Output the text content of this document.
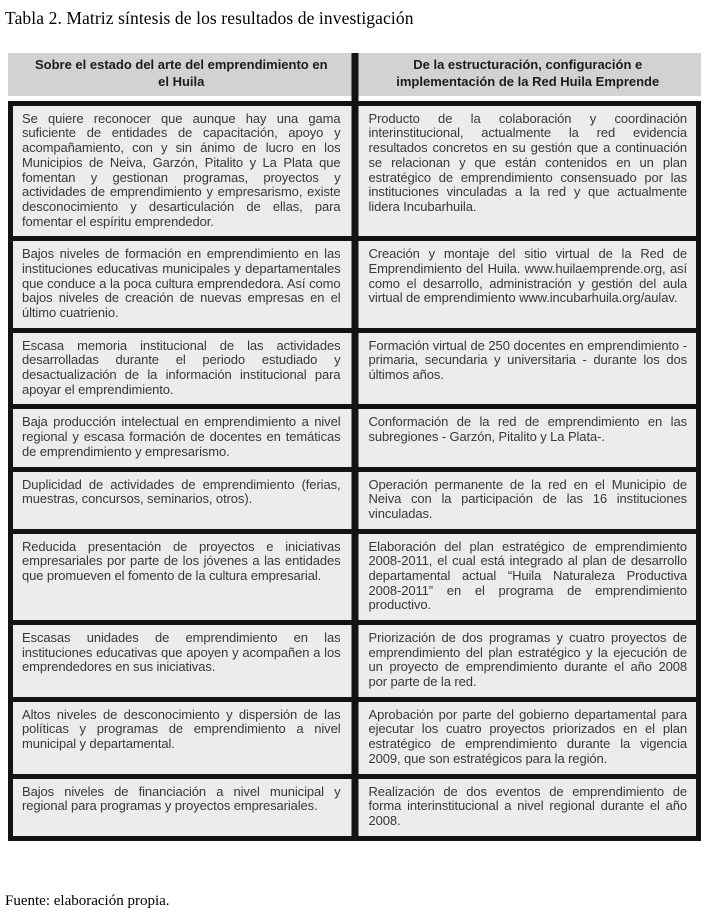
Tabla 2. Matriz síntesis de los resultados de investigación
Sobre el estado del arte del emprendimiento en el Huila
De la estructuración, configuración e implementación de la Red Huila Emprende
Se quiere reconocer que aunque hay una gama suficiente de entidades de capacitación, apoyo y acompañamiento, con y sin ánimo de lucro en los Municipios de Neiva, Garzón, Pitalito y La Plata que fomentan y gestionan programas, proyectos y actividades de emprendimiento y empresarismo, existe desconocimiento y desarticulación de ellas, para fomentar el espíritu emprendedor.
Producto de la colaboración y coordinación interinstitucional, actualmente la red evidencia resultados concretos en su gestión que a continuación se relacionan y que están contenidos en un plan estratégico de emprendimiento consensuado por las instituciones vinculadas a la red y que actualmente lidera Incubarhuila.
Bajos niveles de formación en emprendimiento en las instituciones educativas municipales y departamentales que conduce a la poca cultura emprendedora. Así como bajos niveles de creación de nuevas empresas en el último cuatrienio.
Creación y montaje del sitio virtual de la Red de Emprendimiento del Huila. www.huilaemprende.org, así como el desarrollo, administración y gestión del aula virtual de emprendimiento www.incubarhuila.org/aulav.
Escasa memoria institucional de las actividades desarrolladas durante el periodo estudiado y desactualización de la información institucional para apoyar el emprendimiento.
Formación virtual de 250 docentes en emprendimiento - primaria, secundaria y universitaria - durante los dos últimos años.
Baja producción intelectual en emprendimiento a nivel regional y escasa formación de docentes en temáticas de emprendimiento y empresarismo.
Conformación de la red de emprendimiento en las subregiones - Garzón, Pitalito y La Plata-.
Duplicidad de actividades de emprendimiento (ferias, muestras, concursos, seminarios, otros).
Operación permanente de la red en el Municipio de Neiva con la participación de las 16 instituciones vinculadas.
Reducida presentación de proyectos e iniciativas empresariales por parte de los jóvenes a las entidades que promueven el fomento de la cultura empresarial.
Elaboración del plan estratégico de emprendimiento 2008-2011, el cual está integrado al plan de desarrollo departamental actual “Huila Naturaleza Productiva 2008-2011” en el programa de emprendimiento productivo.
Escasas unidades de emprendimiento en las instituciones educativas que apoyen y acompañen a los emprendedores en sus iniciativas.
Priorización de dos programas y cuatro proyectos de emprendimiento del plan estratégico y la ejecución de un proyecto de emprendimiento durante el año 2008 por parte de la red.
Altos niveles de desconocimiento y dispersión de las políticas y programas de emprendimiento a nivel municipal y departamental.
Aprobación por parte del gobierno departamental para ejecutar los cuatro proyectos priorizados en el plan estratégico de emprendimiento durante la vigencia 2009, que son estratégicos para la región.
Bajos niveles de financiación a nivel municipal y regional para programas y proyectos empresariales.
Realización de dos eventos de emprendimiento de forma interinstitucional a nivel regional durante el año 2008.
Fuente: elaboración propia.
